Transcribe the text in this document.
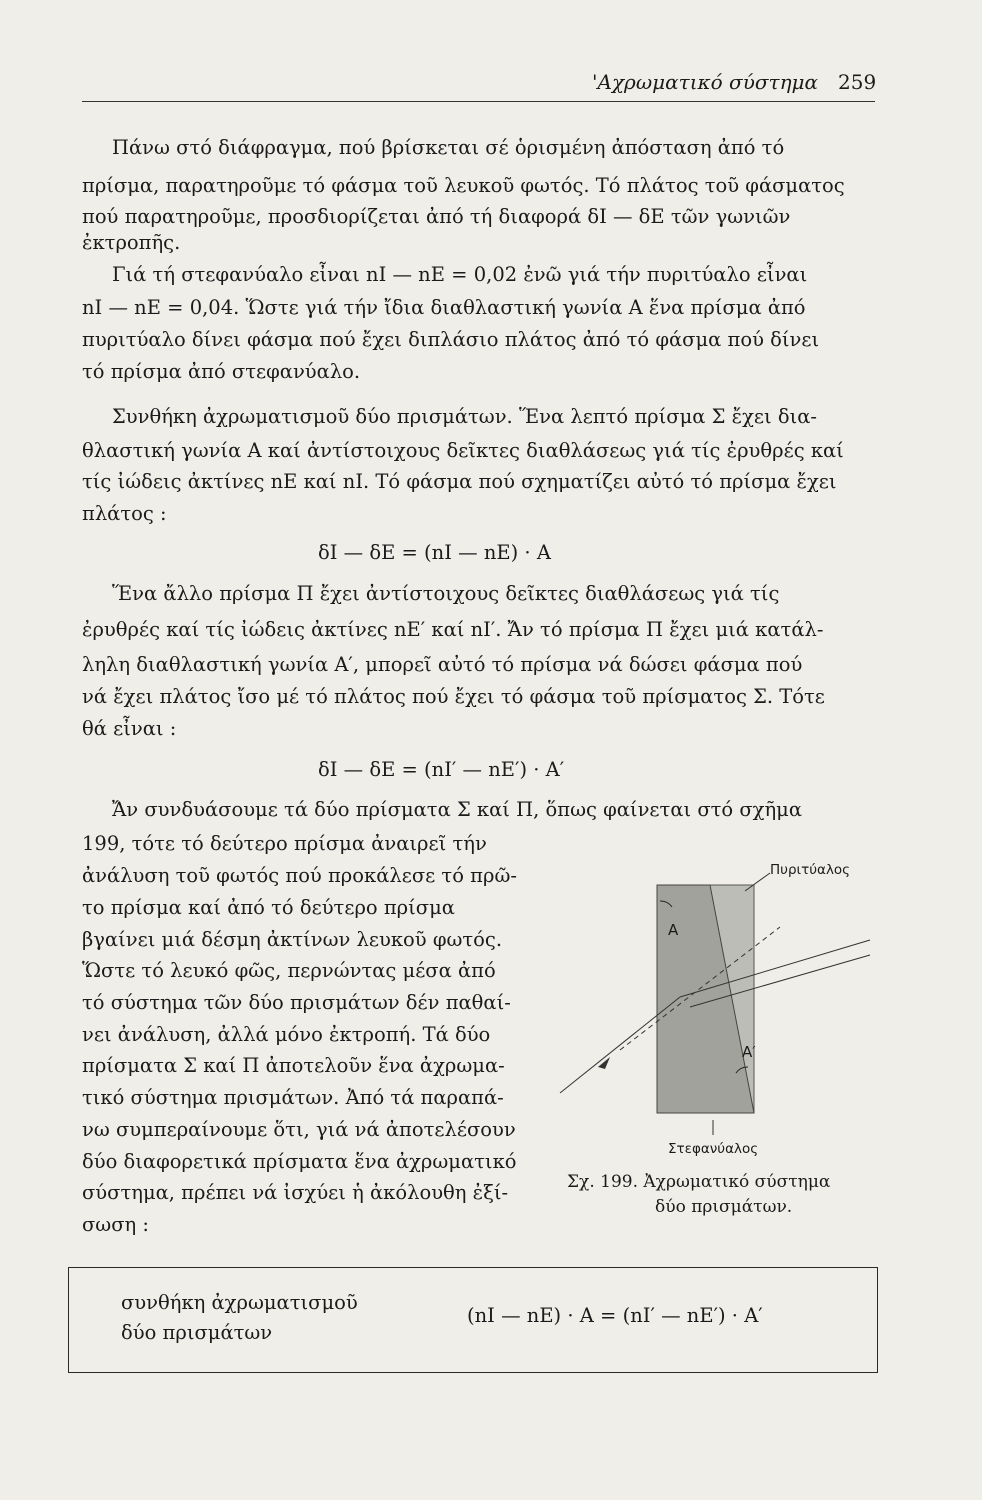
'Αχρωματικό σύστημα 259
Πάνω στό διάφραγμα, πού βρίσκεται σέ ὁρισμένη ἀπόσταση ἀπό τό
πρίσμα, παρατηροῦμε τό φάσμα τοῦ λευκοῦ φωτός. Τό πλάτος τοῦ φάσματος
πού παρατηροῦμε, προσδιορίζεται ἀπό τή διαφορά δI — δE τῶν γωνιῶν
ἐκτροπῆς.
Γιά τή στεφανύαλο εἶναι nI — nE = 0,02 ἐνῶ γιά τήν πυριτύαλο εἶναι
nI — nE = 0,04. Ὥστε γιά τήν ἴδια διαθλαστική γωνία A ἕνα πρίσμα ἀπό
πυριτύαλο δίνει φάσμα πού ἔχει διπλάσιο πλάτος ἀπό τό φάσμα πού δίνει
τό πρίσμα ἀπό στεφανύαλο.
Συνθήκη ἀχρωματισμοῦ δύο πρισμάτων. Ἕνα λεπτό πρίσμα Σ ἔχει δια-
θλαστική γωνία A καί ἀντίστοιχους δεῖκτες διαθλάσεως γιά τίς ἐρυθρές καί
τίς ἰώδεις ἀκτίνες nE καί nI. Τό φάσμα πού σχηματίζει αὐτό τό πρίσμα ἔχει
πλάτος :
δI — δE = (nI — nE) · A
Ἕνα ἄλλο πρίσμα Π ἔχει ἀντίστοιχους δεῖκτες διαθλάσεως γιά τίς
ἐρυθρές καί τίς ἰώδεις ἀκτίνες nE′ καί nI′. Ἄν τό πρίσμα Π ἔχει μιά κατάλ-
ληλη διαθλαστική γωνία A′, μπορεῖ αὐτό τό πρίσμα νά δώσει φάσμα πού
νά ἔχει πλάτος ἴσο μέ τό πλάτος πού ἔχει τό φάσμα τοῦ πρίσματος Σ. Τότε
θά εἶναι :
δI — δE = (nI′ — nE′) · A′
Ἄν συνδυάσουμε τά δύο πρίσματα Σ καί Π, ὅπως φαίνεται στό σχῆμα
199, τότε τό δεύτερο πρίσμα ἀναιρεῖ τήν
ἀνάλυση τοῦ φωτός πού προκάλεσε τό πρῶ-
το πρίσμα καί ἀπό τό δεύτερο πρίσμα
βγαίνει μιά δέσμη ἀκτίνων λευκοῦ φωτός.
Ὥστε τό λευκό φῶς, περνώντας μέσα ἀπό
τό σύστημα τῶν δύο πρισμάτων δέν παθαί-
νει ἀνάλυση, ἀλλά μόνο ἐκτροπή. Τά δύο
πρίσματα Σ καί Π ἀποτελοῦν ἕνα ἀχρωμα-
τικό σύστημα πρισμάτων. Ἀπό τά παραπά-
νω συμπεραίνουμε ὅτι, γιά νά ἀποτελέσουν
δύο διαφορετικά πρίσματα ἕνα ἀχρωματικό
σύστημα, πρέπει νά ἰσχύει ἡ ἀκόλουθη ἐξί-
σωση :
Πυριτύαλος
A
A′
Στεφανύαλος
Σχ. 199. Ἀχρωματικό σύστημα
δύο πρισμάτων.
συνθήκη ἀχρωματισμοῦ
δύο πρισμάτων
(nI — nE) · A = (nI′ — nE′) · A′
